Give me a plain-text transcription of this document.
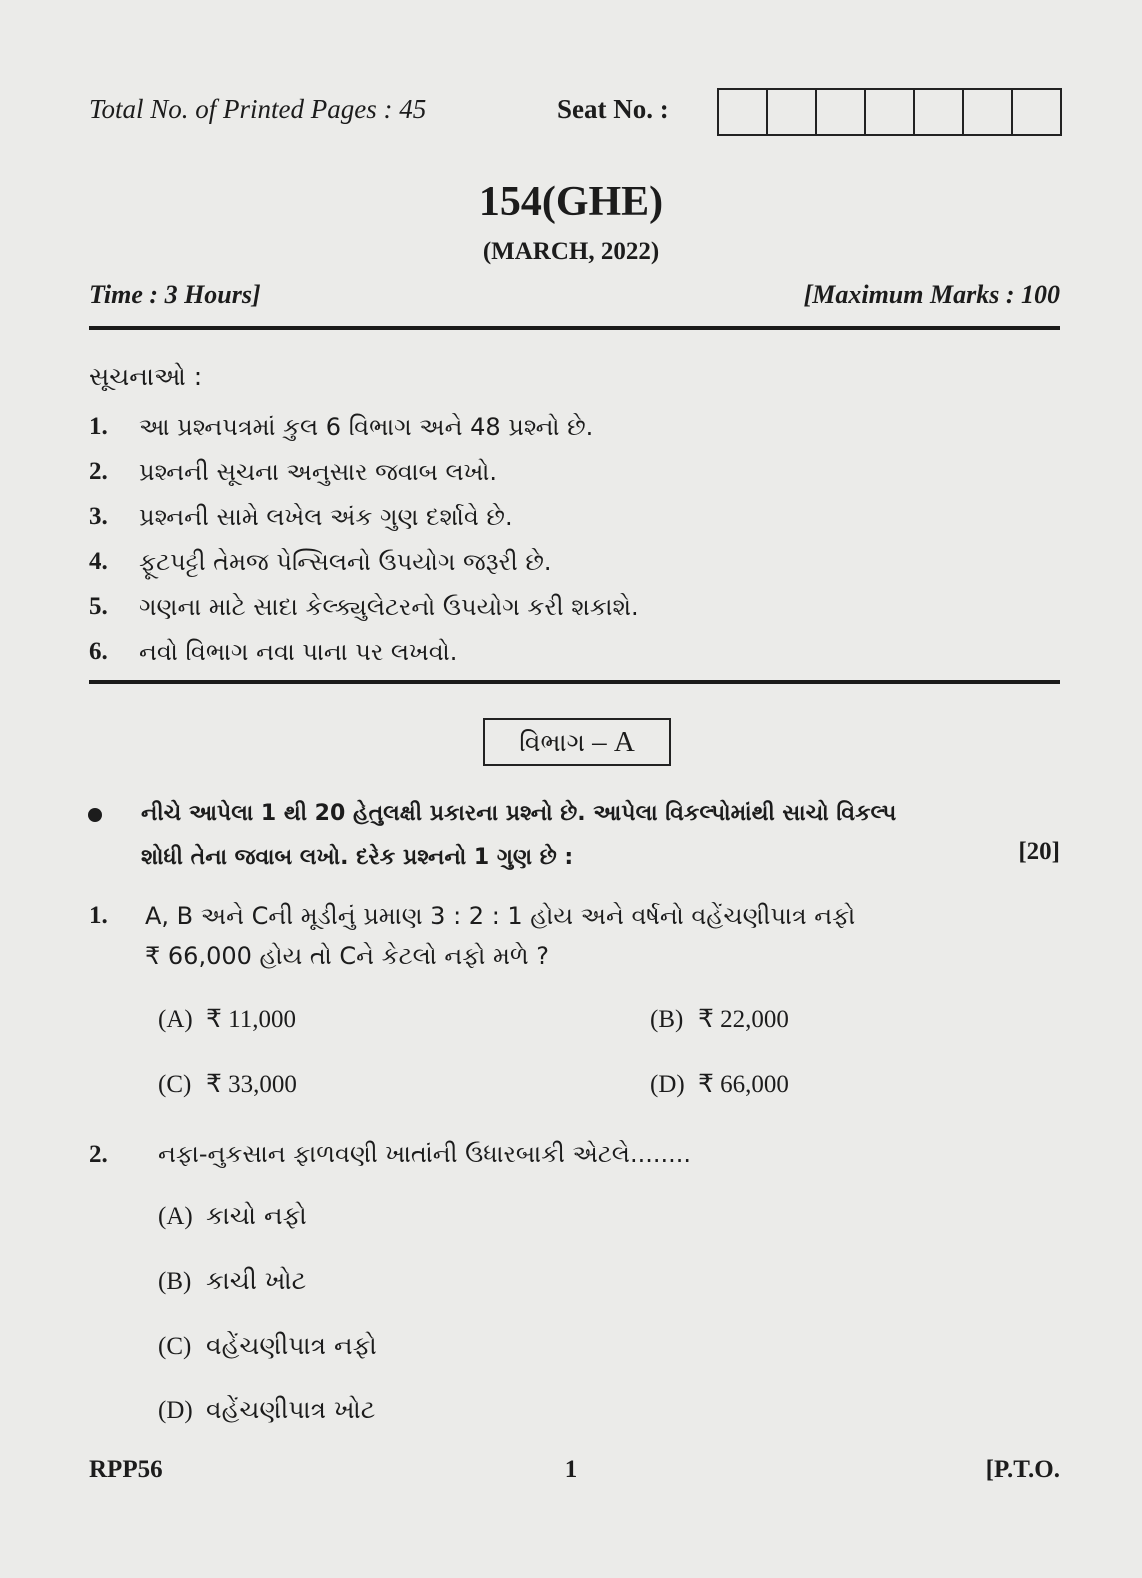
Total No. of Printed Pages : 45	Seat No. :
154(GHE)
(MARCH, 2022)
Time : 3 Hours]	[Maximum Marks : 100
સૂચનાઓ :
1.	આ પ્રશ્નપત્રમાં કુલ 6 વિભાગ અને 48 પ્રશ્નો છે.
2.	પ્રશ્નની સૂચના અનુસાર જવાબ લખો.
3.	પ્રશ્નની સામે લખેલ અંક ગુણ દર્શાવે છે.
4.	ફૂટપટ્ટી તેમજ પેન્સિલનો ઉપયોગ જરૂરી છે.
5.	ગણના માટે સાદા કેલ્ક્યુલેટરનો ઉપયોગ કરી શકાશે.
6.	નવો વિભાગ નવા પાના પર લખવો.
વિભાગ – A
નીચે આપેલા 1 થી 20 હેતુલક્ષી પ્રકારના પ્રશ્નો છે. આપેલા વિકલ્પોમાંથી સાચો વિકલ્પ
શોધી તેના જવાબ લખો. દરેક પ્રશ્નનો 1 ગુણ છે :	[20]
1. A, B અને Cની મૂડીનું પ્રમાણ 3 : 2 : 1 હોય અને વર્ષનો વહેંચણીપાત્ર નફો
₹ 66,000 હોય તો Cને કેટલો નફો મળે ?
(A) ₹ 11,000	(B) ₹ 22,000
(C) ₹ 33,000	(D) ₹ 66,000
2. નફા-નુકસાન ફાળવણી ખાતાંની ઉધારબાકી એટલે........
(A) કાચો નફો
(B) કાચી ખોટ
(C) વહેંચણીપાત્ર નફો
(D) વહેંચણીપાત્ર ખોટ
RPP56	1	[P.T.O.
